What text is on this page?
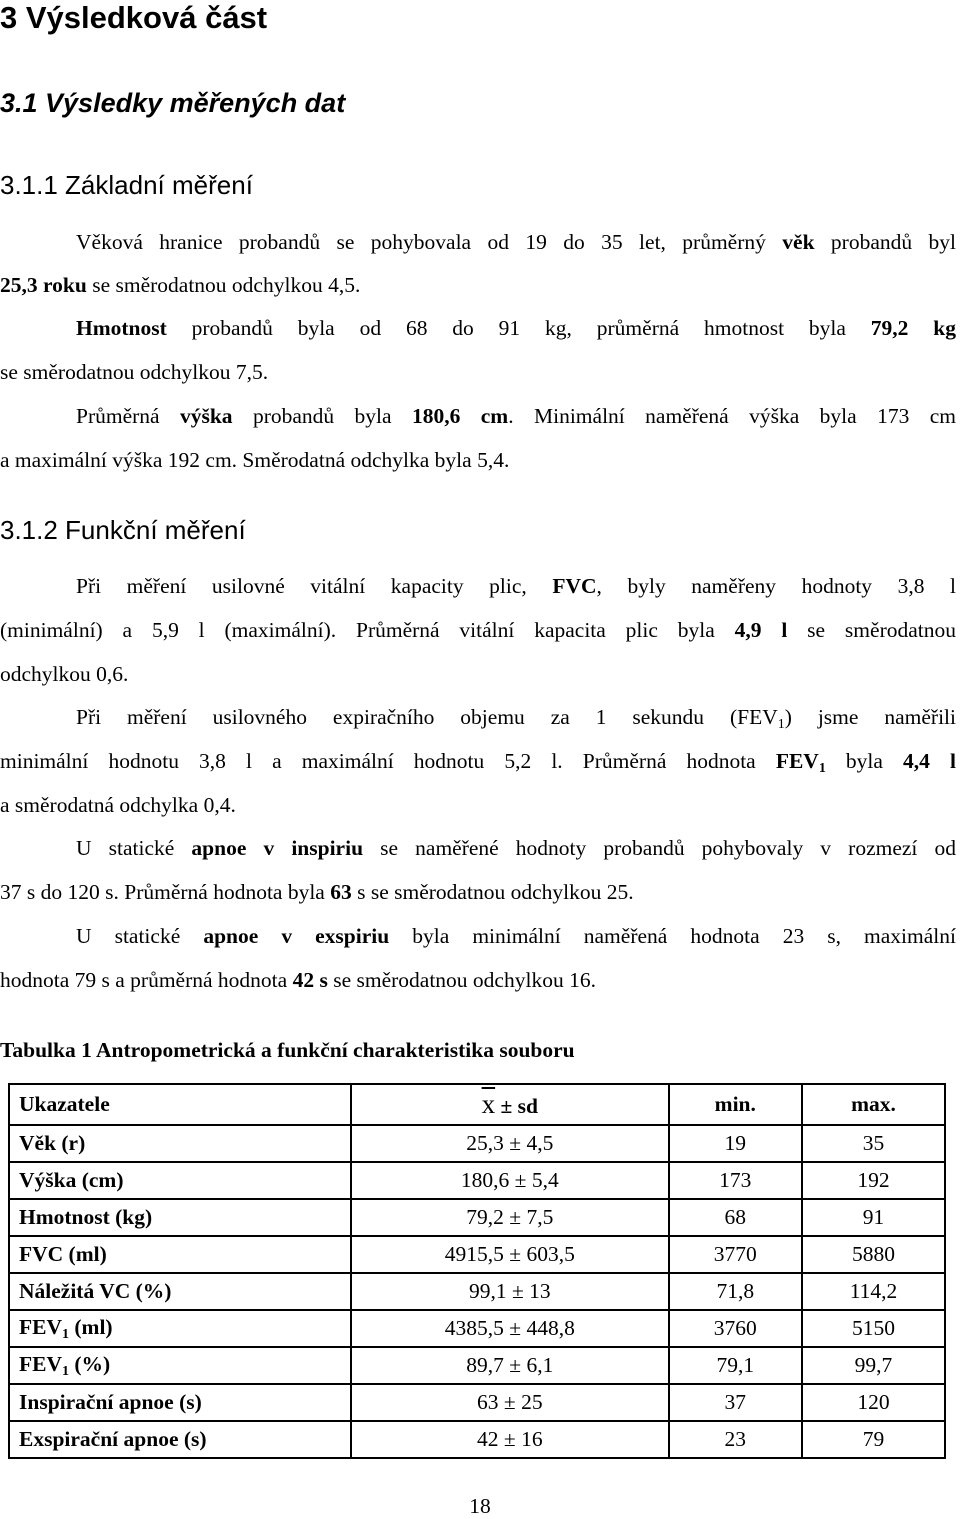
3 Výsledková část
3.1 Výsledky měřených dat
3.1.1 Základní měření
Věková hranice probandů se pohybovala od 19 do 35 let, průměrný věk probandů byl
25,3 roku se směrodatnou odchylkou 4,5.
Hmotnost probandů byla od 68 do 91 kg, průměrná hmotnost byla 79,2 kg
se směrodatnou odchylkou 7,5.
Průměrná výška probandů byla 180,6 cm. Minimální naměřená výška byla 173 cm
a maximální výška 192 cm. Směrodatná odchylka byla 5,4.
3.1.2 Funkční měření
Při měření usilovné vitální kapacity plic, FVC, byly naměřeny hodnoty 3,8 l
(minimální) a 5,9 l (maximální). Průměrná vitální kapacita plic byla 4,9 l se směrodatnou
odchylkou 0,6.
Při měření usilovného expiračního objemu za 1 sekundu $(FEV_1)$ jsme naměřili
minimální hodnotu 3,8 l a maximální hodnotu 5,2 l. Průměrná hodnota $FEV_1$ byla 4,4 l
a směrodatná odchylka 0,4.
U statické apnoe v inspiriu se naměřené hodnoty probandů pohybovaly v rozmezí od
37 s do 120 s. Průměrná hodnota byla 63 s se směrodatnou odchylkou 25.
U statické apnoe v exspiriu byla minimální naměřená hodnota 23 s, maximální
hodnota 79 s a průměrná hodnota 42 s se směrodatnou odchylkou 16.
Tabulka 1 Antropometrická a funkční charakteristika souboru
Ukazatele	$\overline{x}$ ± sd	min.	max.
Věk (r)	25,3 ± 4,5	19	35
Výška (cm)	180,6 ± 5,4	173	192
Hmotnost (kg)	79,2 ± 7,5	68	91
FVC (ml)	4915,5 ± 603,5	3770	5880
Náležitá VC (%)	99,1 ± 13	71,8	114,2
$FEV_1$ (ml)	4385,5 ± 448,8	3760	5150
$FEV_1$ (%)	89,7 ± 6,1	79,1	99,7
Inspirační apnoe (s)	63 ± 25	37	120
Exspirační apnoe (s)	42 ± 16	23	79
18
